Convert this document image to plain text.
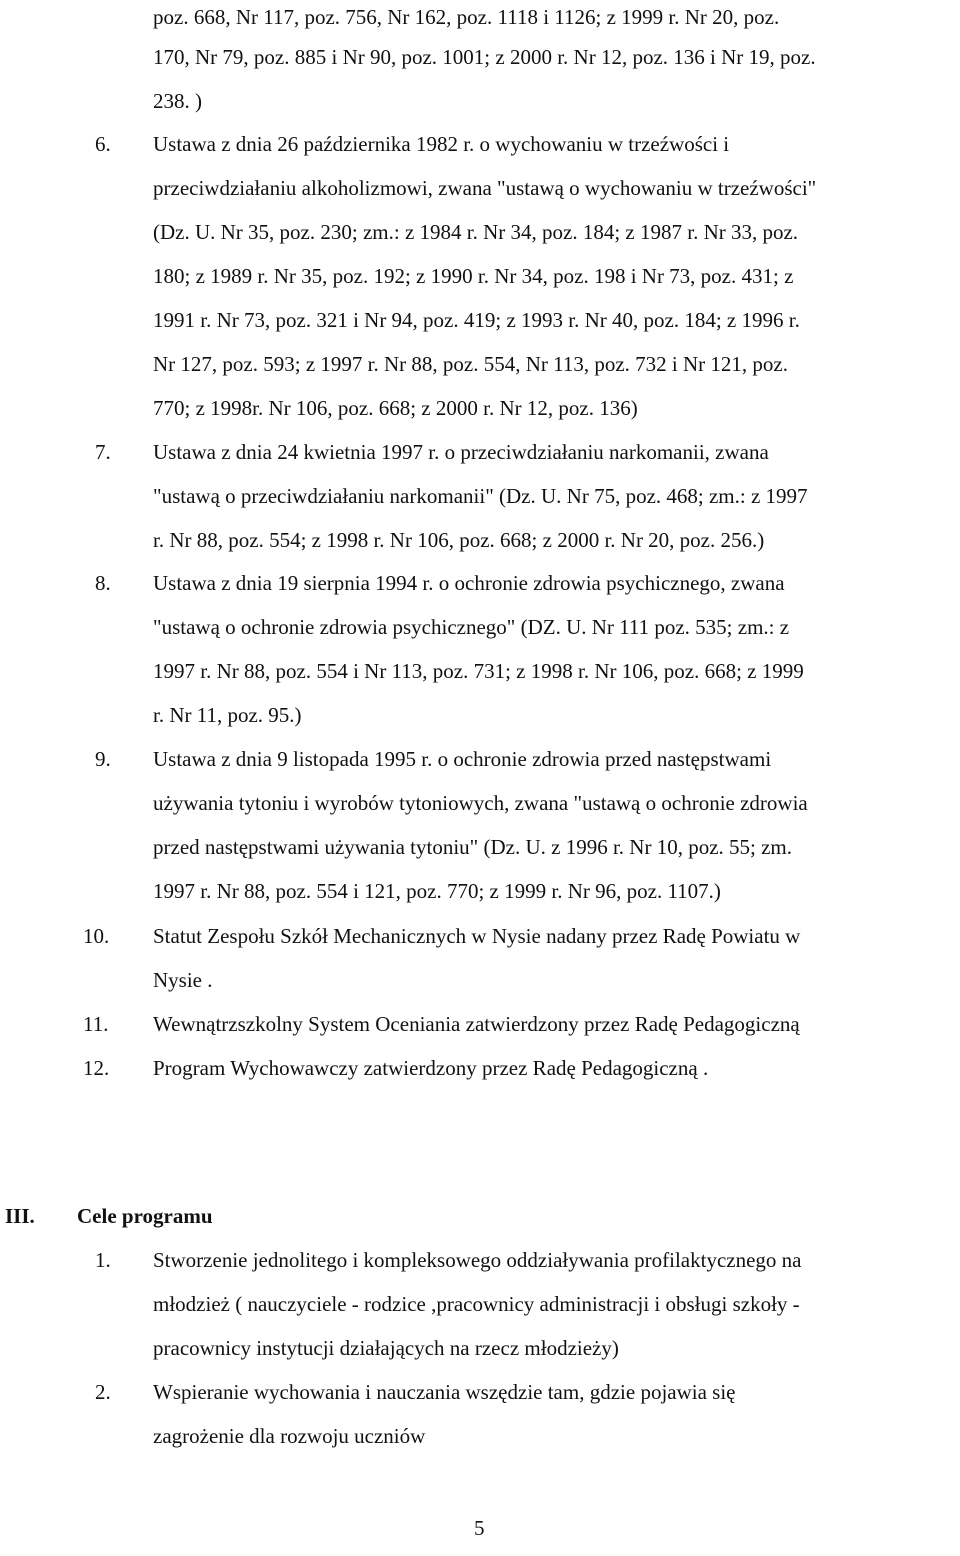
poz. 668, Nr 117, poz. 756, Nr 162, poz. 1118 i 1126; z 1999 r. Nr 20, poz.
170, Nr 79, poz. 885 i Nr 90, poz. 1001; z 2000 r. Nr 12, poz. 136 i Nr 19, poz.
238. )
6. Ustawa z dnia 26 października 1982 r. o wychowaniu w trzeźwości i
przeciwdziałaniu alkoholizmowi, zwana "ustawą o wychowaniu w trzeźwości"
(Dz. U. Nr 35, poz. 230; zm.: z 1984 r. Nr 34, poz. 184; z 1987 r. Nr 33, poz.
180; z 1989 r. Nr 35, poz. 192; z 1990 r. Nr 34, poz. 198 i Nr 73, poz. 431; z
1991 r. Nr 73, poz. 321 i Nr 94, poz. 419; z 1993 r. Nr 40, poz. 184; z 1996 r.
Nr 127, poz. 593; z 1997 r. Nr 88, poz. 554, Nr 113, poz. 732 i Nr 121, poz.
770; z 1998r. Nr 106, poz. 668; z 2000 r. Nr 12, poz. 136)
7. Ustawa z dnia 24 kwietnia 1997 r. o przeciwdziałaniu narkomanii, zwana
"ustawą o przeciwdziałaniu narkomanii" (Dz. U. Nr 75, poz. 468; zm.: z 1997
r. Nr 88, poz. 554; z 1998 r. Nr 106, poz. 668; z 2000 r. Nr 20, poz. 256.)
8. Ustawa z dnia 19 sierpnia 1994 r. o ochronie zdrowia psychicznego, zwana
"ustawą o ochronie zdrowia psychicznego" (DZ. U. Nr 111 poz. 535; zm.: z
1997 r. Nr 88, poz. 554 i Nr 113, poz. 731; z 1998 r. Nr 106, poz. 668; z 1999
r. Nr 11, poz. 95.)
9. Ustawa z dnia 9 listopada 1995 r. o ochronie zdrowia przed następstwami
używania tytoniu i wyrobów tytoniowych, zwana "ustawą o ochronie zdrowia
przed następstwami używania tytoniu" (Dz. U. z 1996 r. Nr 10, poz. 55; zm.
1997 r. Nr 88, poz. 554 i 121, poz. 770; z 1999 r. Nr 96, poz. 1107.)
10. Statut Zespołu Szkół Mechanicznych w Nysie nadany przez Radę Powiatu w
Nysie .
11. Wewnątrzszkolny System Oceniania zatwierdzony przez Radę Pedagogiczną
12. Program Wychowawczy zatwierdzony przez Radę Pedagogiczną .
III. Cele programu
1. Stworzenie jednolitego i kompleksowego oddziaływania profilaktycznego na
młodzież ( nauczyciele - rodzice ,pracownicy administracji i obsługi szkoły -
pracownicy instytucji działających na rzecz młodzieży)
2. Wspieranie wychowania i nauczania wszędzie tam, gdzie pojawia się
zagrożenie dla rozwoju uczniów
5
